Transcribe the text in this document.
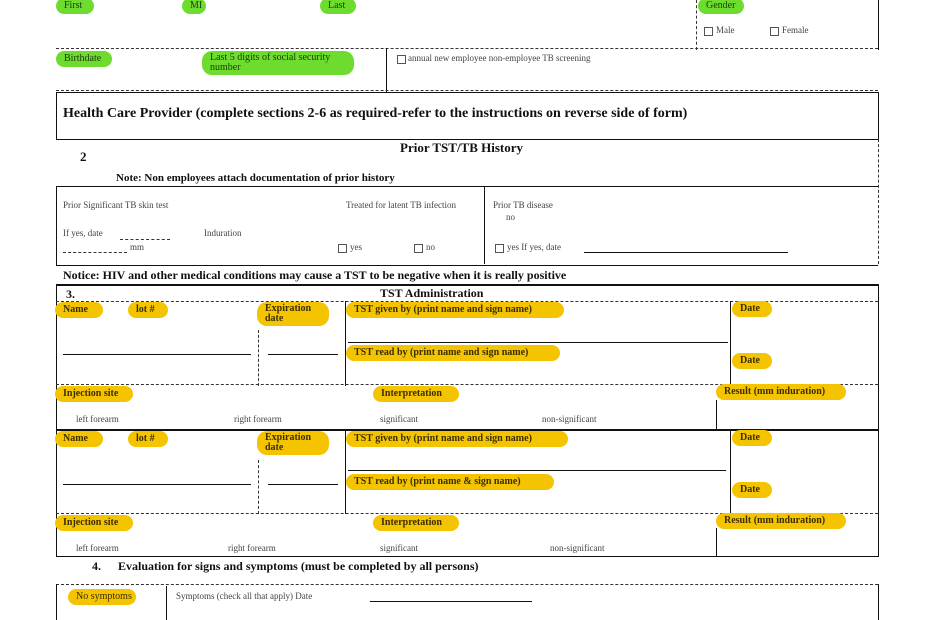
First	MI	Last	Gender
Male	Female
Birthdate	Last 5 digits of social security number
annual new employee non-employee TB screening
Health Care Provider (complete sections 2-6 as required-refer to the instructions on reverse side of form)
2
Prior TST/TB History
Note: Non employees attach documentation of prior history
Prior Significant TB skin test
If yes, date	Induration
mm
Treated for latent TB infection
yes	no
Prior TB disease
no
yes If yes, date
Notice: HIV and other medical conditions may cause a TST to be negative when it is really positive
3.	TST Administration
Name	lot #	Expiration date
TST given by (print name and sign name)	Date
TST read by (print name and sign name)
Date
Injection site	Interpretation	Result (mm induration)
left forearm	right forearm	significant	non-significant
Name	lot #	Expiration date
TST given by (print name and sign name)	Date
TST read by (print name & sign name)
Date
Injection site	Interpretation	Result (mm induration)
left forearm	right forearm	significant	non-significant
4. Evaluation for signs and symptoms (must be completed by all persons)
No symptoms	Symptoms (check all that apply) Date
